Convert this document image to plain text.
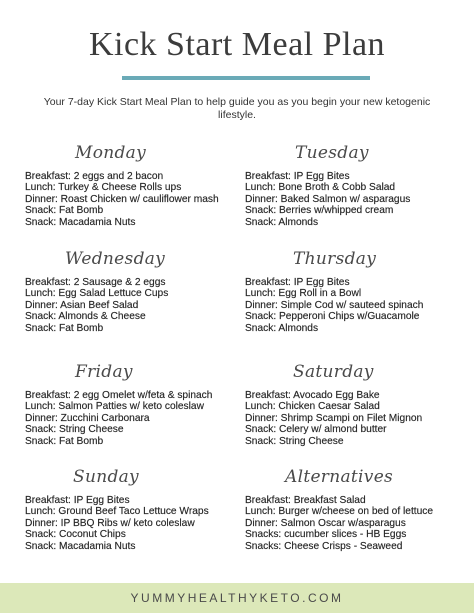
Kick Start Meal Plan
Your 7-day Kick Start Meal Plan to help guide you as you begin your new ketogenic lifestyle.
Monday
Breakfast: 2 eggs and 2 bacon
Lunch: Turkey & Cheese Rolls ups
Dinner: Roast Chicken w/ cauliflower mash
Snack: Fat Bomb
Snack: Macadamia Nuts
Tuesday
Breakfast: IP Egg Bites
Lunch: Bone Broth & Cobb Salad
Dinner: Baked Salmon w/ asparagus
Snack: Berries w/whipped cream
Snack: Almonds
Wednesday
Breakfast: 2 Sausage & 2 eggs
Lunch: Egg Salad Lettuce Cups
Dinner: Asian Beef Salad
Snack: Almonds & Cheese
Snack: Fat Bomb
Thursday
Breakfast: IP Egg Bites
Lunch: Egg Roll in a Bowl
Dinner: Simple Cod w/ sauteed spinach
Snack: Pepperoni Chips w/Guacamole
Snack: Almonds
Friday
Breakfast: 2 egg Omelet w/feta & spinach
Lunch: Salmon Patties w/ keto coleslaw
Dinner: Zucchini Carbonara
Snack: String Cheese
Snack: Fat Bomb
Saturday
Breakfast: Avocado Egg Bake
Lunch: Chicken Caesar Salad
Dinner: Shrimp Scampi on Filet Mignon
Snack: Celery w/ almond butter
Snack: String Cheese
Sunday
Breakfast: IP Egg Bites
Lunch: Ground Beef Taco Lettuce Wraps
Dinner: IP BBQ Ribs w/ keto coleslaw
Snack: Coconut Chips
Snack: Macadamia Nuts
Alternatives
Breakfast: Breakfast Salad
Lunch: Burger w/cheese on bed of lettuce
Dinner: Salmon Oscar w/asparagus
Snacks: cucumber slices - HB Eggs
Snacks: Cheese Crisps - Seaweed
YUMMYHEALTHYKETO.COM
